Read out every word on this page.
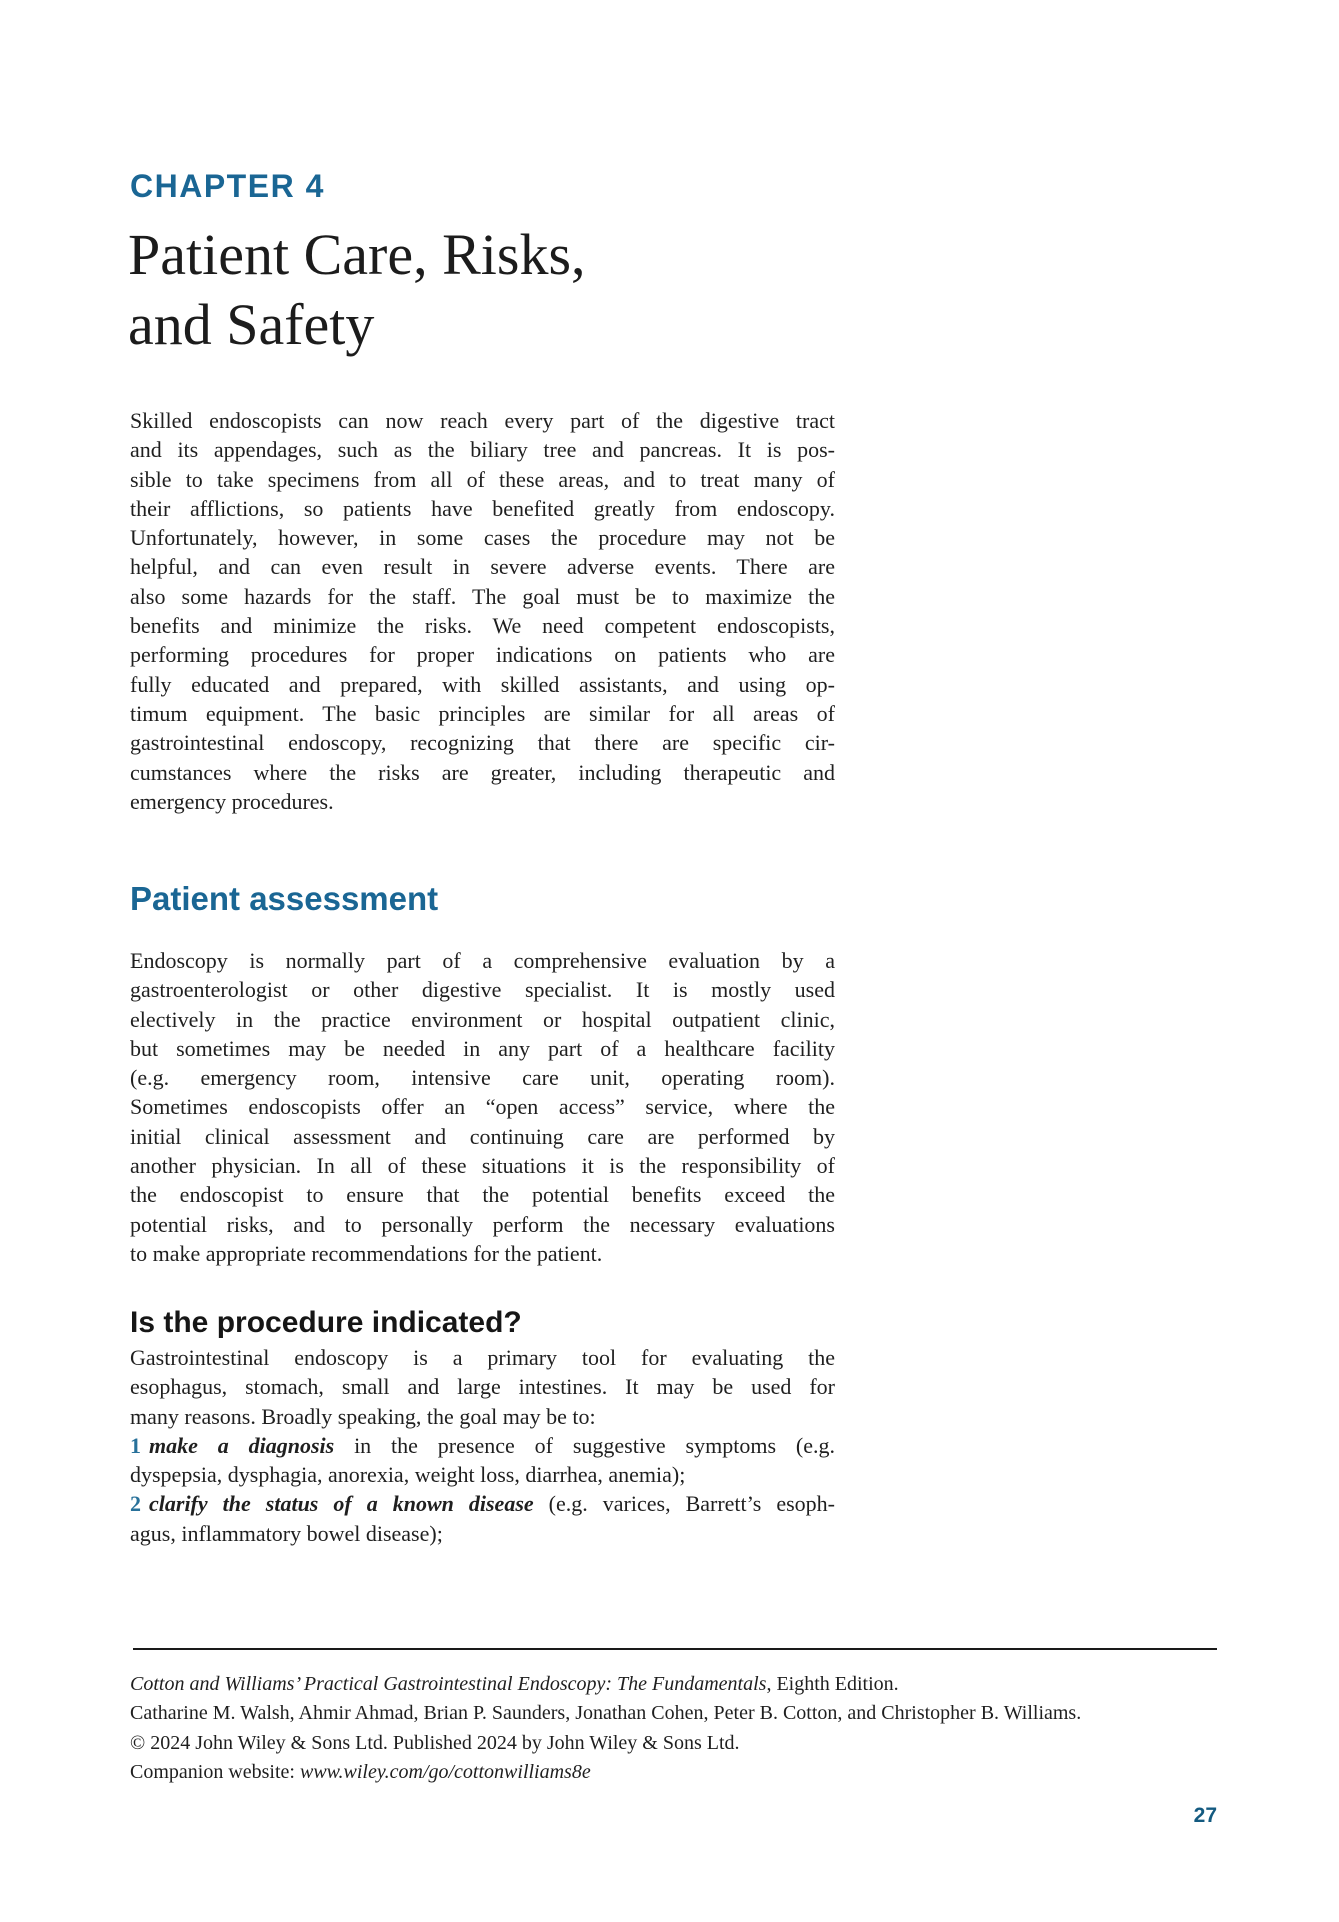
CHAPTER 4
Patient Care, Risks,
and Safety
Skilled endoscopists can now reach every part of the digestive tract
and its appendages, such as the biliary tree and pancreas. It is pos-
sible to take specimens from all of these areas, and to treat many of
their afflictions, so patients have benefited greatly from endoscopy.
Unfortunately, however, in some cases the procedure may not be
helpful, and can even result in severe adverse events. There are
also some hazards for the staff. The goal must be to maximize the
benefits and minimize the risks. We need competent endoscopists,
performing procedures for proper indications on patients who are
fully educated and prepared, with skilled assistants, and using op-
timum equipment. The basic principles are similar for all areas of
gastrointestinal endoscopy, recognizing that there are specific cir-
cumstances where the risks are greater, including therapeutic and
emergency procedures.
Patient assessment
Endoscopy is normally part of a comprehensive evaluation by a
gastroenterologist or other digestive specialist. It is mostly used
electively in the practice environment or hospital outpatient clinic,
but sometimes may be needed in any part of a healthcare facility
(e.g. emergency room, intensive care unit, operating room).
Sometimes endoscopists offer an “open access” service, where the
initial clinical assessment and continuing care are performed by
another physician. In all of these situations it is the responsibility of
the endoscopist to ensure that the potential benefits exceed the
potential risks, and to personally perform the necessary evaluations
to make appropriate recommendations for the patient.
Is the procedure indicated?
Gastrointestinal endoscopy is a primary tool for evaluating the
esophagus, stomach, small and large intestines. It may be used for
many reasons. Broadly speaking, the goal may be to:
1 make a diagnosis in the presence of suggestive symptoms (e.g.
dyspepsia, dysphagia, anorexia, weight loss, diarrhea, anemia);
2 clarify the status of a known disease (e.g. varices, Barrett’s esoph-
agus, inflammatory bowel disease);
Cotton and Williams’ Practical Gastrointestinal Endoscopy: The Fundamentals, Eighth Edition.
Catharine M. Walsh, Ahmir Ahmad, Brian P. Saunders, Jonathan Cohen, Peter B. Cotton, and Christopher B. Williams.
© 2024 John Wiley & Sons Ltd. Published 2024 by John Wiley & Sons Ltd.
Companion website: www.wiley.com/go/cottonwilliams8e
27
